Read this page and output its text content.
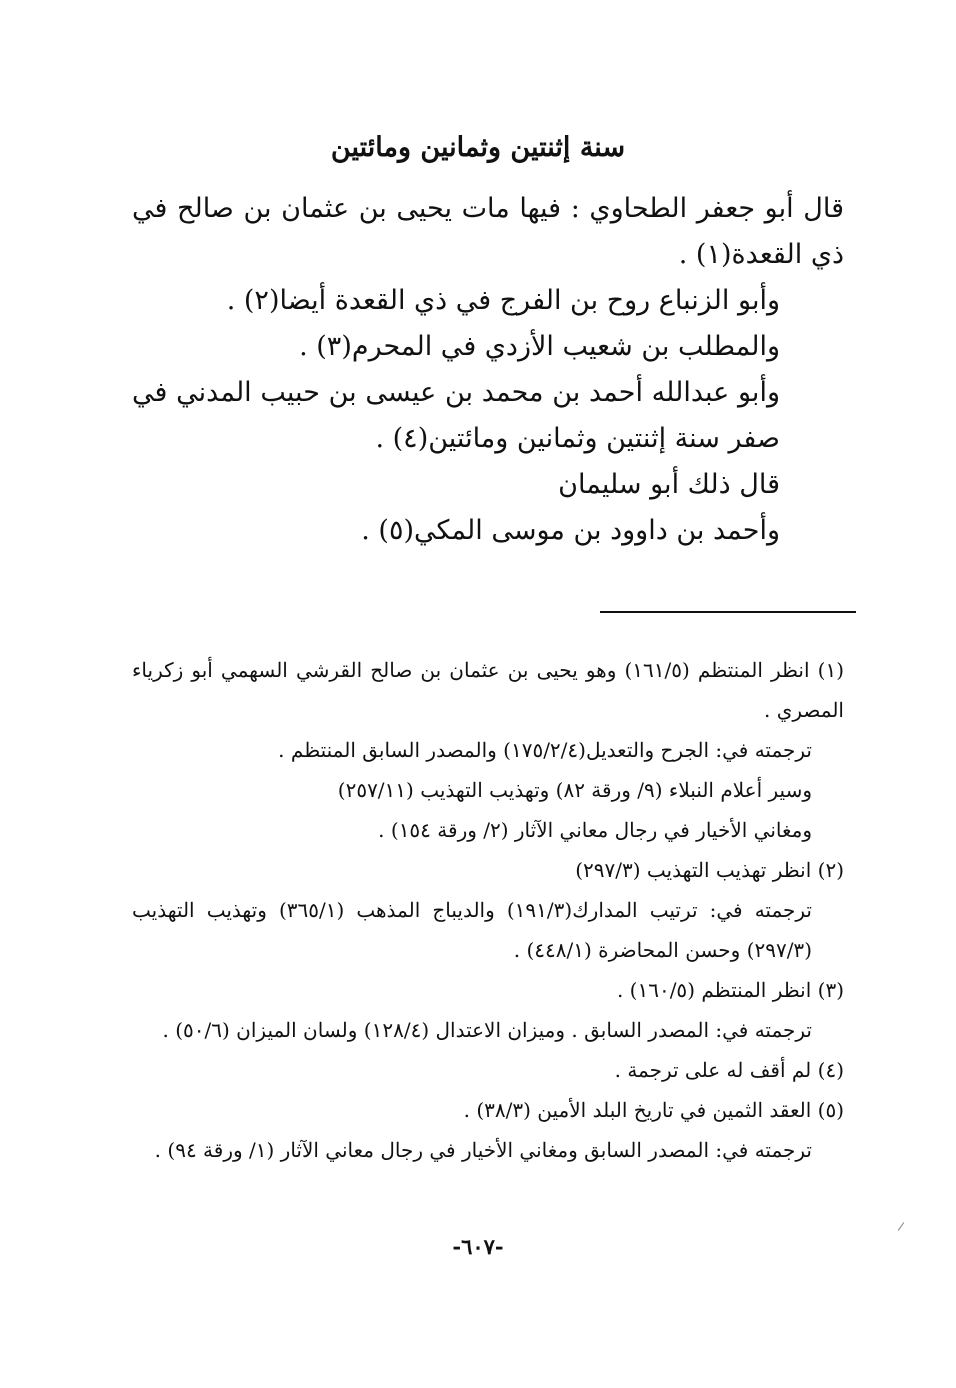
سنة إثنتين وثمانين ومائتين

قال أبو جعفر الطحاوي : فيها مات يحيى بن عثمان بن صالح في ذي القعدة(١) .

وأبو الزنباع روح بن الفرج في ذي القعدة أيضا(٢) .

والمطلب بن شعيب الأزدي في المحرم(٣) .

وأبو عبدالله أحمد بن محمد بن عيسى بن حبيب المدني في صفر سنة إثنتين وثمانين ومائتين(٤) .

قال ذلك أبو سليمان

وأحمد بن داوود بن موسى المكي(٥) .

(١) انظر المنتظم (١٦١/٥) وهو يحيى بن عثمان بن صالح القرشي السهمي أبو زكرياء المصري .

ترجمته في: الجرح والتعديل(١٧٥/٢/٤) والمصدر السابق المنتظم .

وسير أعلام النبلاء (٩/ ورقة ٨٢) وتهذيب التهذيب (٢٥٧/١١)

ومغاني الأخيار في رجال معاني الآثار (٢/ ورقة ١٥٤) .

(٢) انظر تهذيب التهذيب (٢٩٧/٣)

ترجمته في: ترتيب المدارك(١٩١/٣) والديباج المذهب (٣٦٥/١) وتهذيب التهذيب (٢٩٧/٣) وحسن المحاضرة (٤٤٨/١) .

(٣) انظر المنتظم (١٦٠/٥) .

ترجمته في: المصدر السابق . وميزان الاعتدال (١٢٨/٤) ولسان الميزان (٥٠/٦) .

(٤) لم أقف له على ترجمة .

(٥) العقد الثمين في تاريخ البلد الأمين (٣٨/٣) .

ترجمته في: المصدر السابق ومغاني الأخيار في رجال معاني الآثار (١/ ورقة ٩٤) .

-٦٠٧-
